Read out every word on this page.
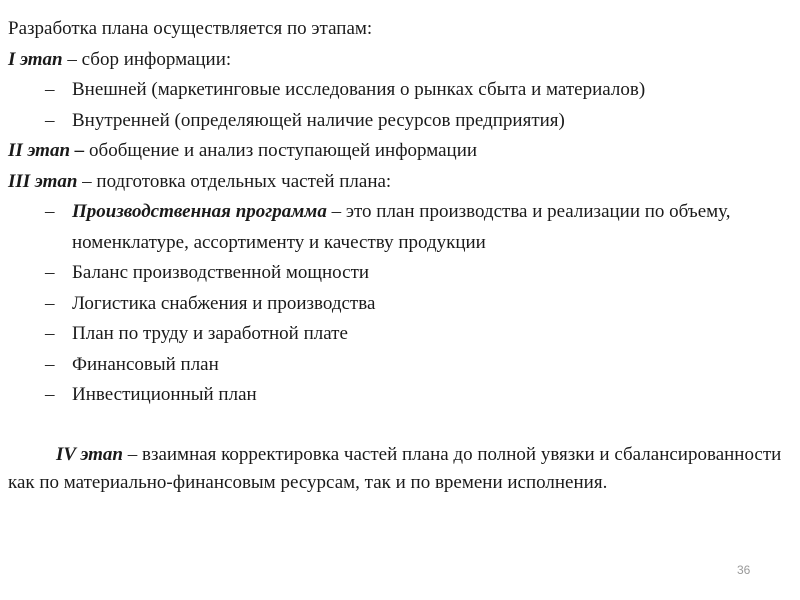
Разработка плана осуществляется по этапам:

I этап – сбор информации:

– Внешней (маркетинговые исследования о рынках сбыта и материалов)
– Внутренней (определяющей наличие ресурсов предприятия)

II этап – обобщение и анализ поступающей информации

III этап – подготовка отдельных частей плана:

– Производственная программа – это план производства и реализации по объему, номенклатуре, ассортименту и качеству продукции
– Баланс производственной мощности
– Логистика снабжения и производства
– План по труду и заработной плате
– Финансовый план
– Инвестиционный план

IV этап – взаимная корректировка частей плана до полной увязки и сбалансированности как по материально-финансовым ресурсам, так и по времени исполнения.

36
